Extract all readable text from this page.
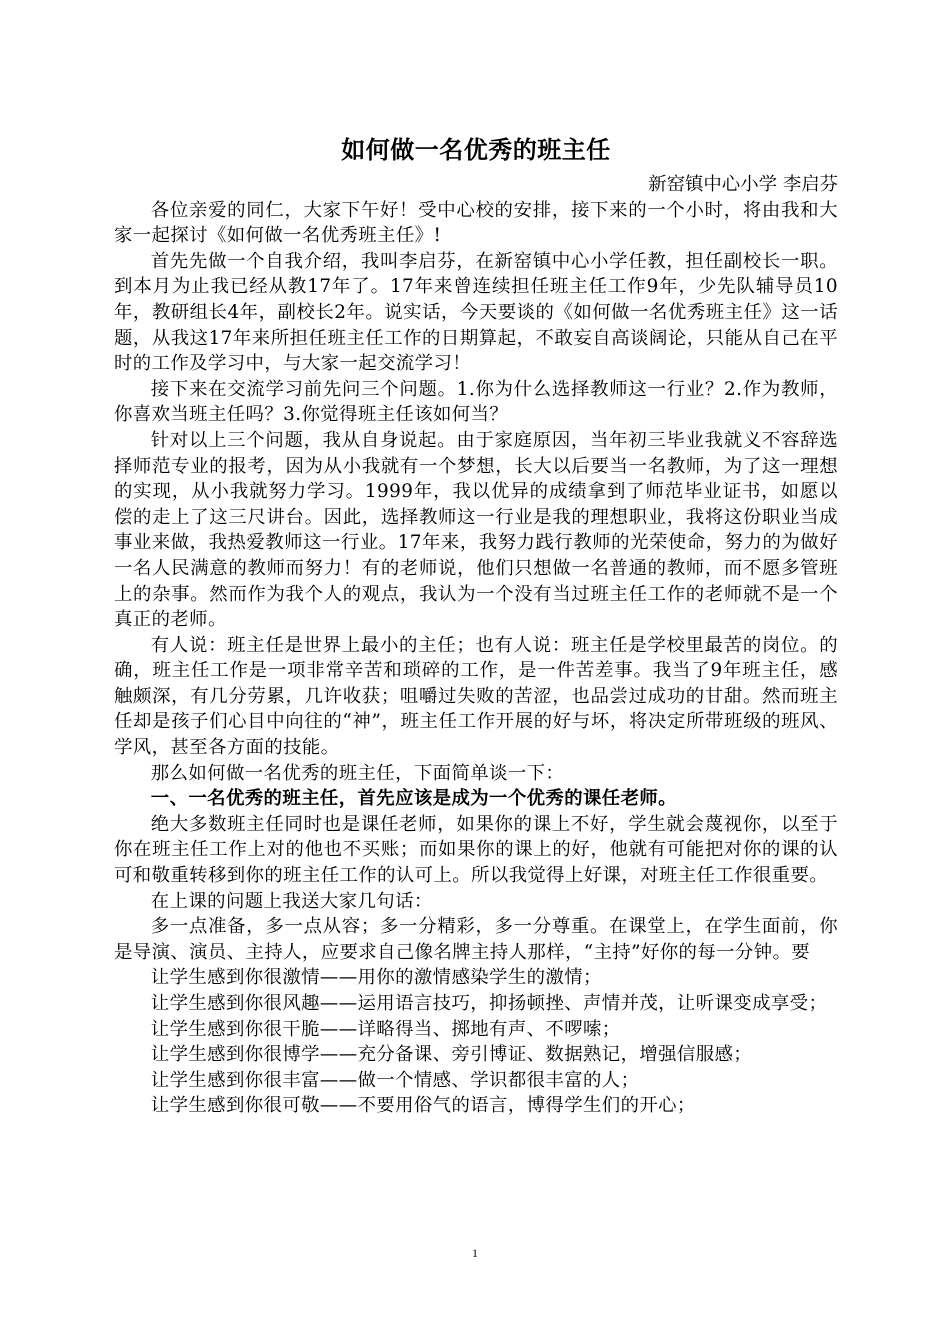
如何做一名优秀的班主任

新窑镇中心小学 李启芬

各位亲爱的同仁，大家下午好！受中心校的安排，接下来的一个小时，将由我和大家一起探讨《如何做一名优秀班主任》!

首先先做一个自我介绍，我叫李启芬，在新窑镇中心小学任教，担任副校长一职。到本月为止我已经从教17年了。17年来曾连续担任班主任工作9年，少先队辅导员10年，教研组长4年，副校长2年。说实话，今天要谈的《如何做一名优秀班主任》这一话题，从我这17年来所担任班主任工作的日期算起，不敢妄自高谈阔论，只能从自己在平时的工作及学习中，与大家一起交流学习！

接下来在交流学习前先问三个问题。1.你为什么选择教师这一行业？2.作为教师，你喜欢当班主任吗？3.你觉得班主任该如何当？

针对以上三个问题，我从自身说起。由于家庭原因，当年初三毕业我就义不容辞选择师范专业的报考，因为从小我就有一个梦想，长大以后要当一名教师，为了这一理想的实现，从小我就努力学习。1999年，我以优异的成绩拿到了师范毕业证书，如愿以偿的走上了这三尺讲台。因此，选择教师这一行业是我的理想职业，我将这份职业当成事业来做，我热爱教师这一行业。17年来，我努力践行教师的光荣使命，努力的为做好一名人民满意的教师而努力！有的老师说，他们只想做一名普通的教师，而不愿多管班上的杂事。然而作为我个人的观点，我认为一个没有当过班主任工作的老师就不是一个真正的老师。

有人说：班主任是世界上最小的主任；也有人说：班主任是学校里最苦的岗位。的确，班主任工作是一项非常辛苦和琐碎的工作，是一件苦差事。我当了9年班主任，感触颇深，有几分劳累，几许收获；咀嚼过失败的苦涩，也品尝过成功的甘甜。然而班主任却是孩子们心目中向往的“神”，班主任工作开展的好与坏，将决定所带班级的班风、学风，甚至各方面的技能。

那么如何做一名优秀的班主任，下面简单谈一下：

一、一名优秀的班主任，首先应该是成为一个优秀的课任老师。

绝大多数班主任同时也是课任老师，如果你的课上不好，学生就会蔑视你，以至于你在班主任工作上对的他也不买账；而如果你的课上的好，他就有可能把对你的课的认可和敬重转移到你的班主任工作的认可上。所以我觉得上好课，对班主任工作很重要。

在上课的问题上我送大家几句话：

多一点准备，多一点从容；多一分精彩，多一分尊重。在课堂上，在学生面前，你是导演、演员、主持人，应要求自己像名牌主持人那样，“主持”好你的每一分钟。要

让学生感到你很激情——用你的激情感染学生的激情；

让学生感到你很风趣——运用语言技巧，抑扬顿挫、声情并茂，让听课变成享受；

让学生感到你很干脆——详略得当、掷地有声、不啰嗦；

让学生感到你很博学——充分备课、旁引博证、数据熟记，增强信服感；

让学生感到你很丰富——做一个情感、学识都很丰富的人；

让学生感到你很可敬——不要用俗气的语言，博得学生们的开心；

1
